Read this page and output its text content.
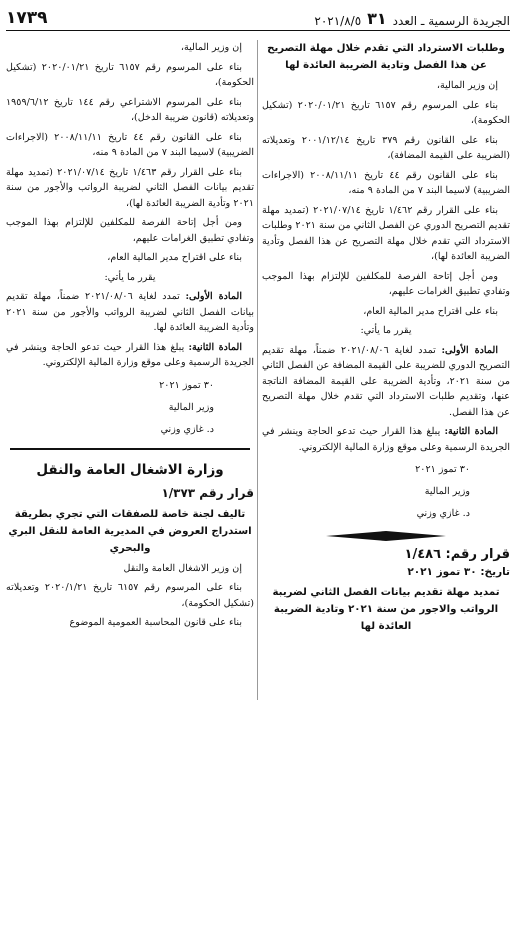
الجريدة الرسمية ـ العدد
٣١
٢٠٢١/٨/٥
١٧٣٩

وطلبات الاسترداد التي تقدم خلال مهلة التصريح عن هذا الفصل وتادية الضريبة العائدة لها

إن وزير المالية،

بناء على المرسوم رقم ٦١٥٧ تاريخ ٢٠٢٠/٠١/٢١ (تشكيل الحكومة)،

بناء على القانون رقم ٣٧٩ تاريخ ٢٠٠١/١٢/١٤ وتعديلاته (الضريبة على القيمة المضافة)،

بناء على القانون رقم ٤٤ تاريخ ٢٠٠٨/١١/١١ (الاجراءات الضريبية) لاسيما البند ٧ من المادة ٩ منه،

بناء على القرار رقم ١/٤٦٢ تاريخ ٢٠٢١/٠٧/١٤ (تمديد مهلة تقديم التصريح الدوري عن الفصل الثاني من سنة ٢٠٢١ وطلبات الاسترداد التي تقدم خلال مهلة التصريح عن هذا الفصل وتأدية الضريبة العائدة لها)،

ومن أجل إتاحة الفرصة للمكلفين للإلتزام بهذا الموجب وتفادي تطبيق الغرامات عليهم،

بناء على اقتراح مدير المالية العام،

يقرر ما يأتي:

المادة الأولى: تمدد لغاية ٢٠٢١/٠٨/٠٦ ضمناً، مهلة تقديم التصريح الدوري للضريبة على القيمة المضافة عن الفصل الثاني من سنة ٢٠٢١، وتأدية الضريبة على القيمة المضافة الناتجة عنها، وتقديم طلبات الاسترداد التي تقدم خلال مهلة التصريح عن هذا الفصل.

المادة الثانية: يبلغ هذا القرار حيث تدعو الحاجة وينشر في الجريدة الرسمية وعلى موقع وزارة المالية الإلكتروني.

٣٠ تموز ٢٠٢١
وزير المالية
د. غازي وزني
قرار رقم: ١/٤٨٦
تاريخ: ٣٠ تموز ٢٠٢١

تمديد مهلة تقديم بيانات الفصل الثاني لضريبة الرواتب والاجور من سنة ٢٠٢١ وتادية الضريبة العائدة لها

إن وزير المالية،

بناء على المرسوم رقم ٦١٥٧ تاريخ ٢٠٢٠/٠١/٢١ (تشكيل الحكومة)،

بناء على المرسوم الاشتراعي رقم ١٤٤ تاريخ ١٩٥٩/٦/١٢ وتعديلاته (قانون ضريبة الدخل)،

بناء على القانون رقم ٤٤ تاريخ ٢٠٠٨/١١/١١ (الاجراءات الضريبية) لاسيما البند ٧ من المادة ٩ منه،

بناء على القرار رقم ١/٤٦٣ تاريخ ٢٠٢١/٠٧/١٤ (تمديد مهلة تقديم بيانات الفصل الثاني لضريبة الرواتب والأجور من سنة ٢٠٢١ وتأدية الضريبة العائدة لها)،

ومن أجل إتاحة الفرصة للمكلفين للإلتزام بهذا الموجب وتفادي تطبيق الغرامات عليهم،

بناء على اقتراح مدير المالية العام،

يقرر ما يأتي:

المادة الأولى: تمدد لغاية ٢٠٢١/٠٨/٠٦ ضمناً، مهلة تقديم بيانات الفصل الثاني لضريبة الرواتب والأجور من سنة ٢٠٢١ وتأدية الضريبة العائدة لها.

المادة الثانية: يبلغ هذا القرار حيث تدعو الحاجة وينشر في الجريدة الرسمية وعلى موقع وزارة المالية الإلكتروني.

٣٠ تموز ٢٠٢١
وزير المالية
د. غازي وزني
وزارة الاشغال العامة والنقل
قرار رقم ١/٣٧٣

تاليف لجنة خاصة للصفقات التي تجري بطريقة استدراج العروض في المديرية العامة للنقل البري والبحري

إن وزير الاشغال العامة والنقل

بناء على المرسوم رقم ٦١٥٧ تاريخ ٢٠٢٠/١/٢١ وتعديلاته (تشكيل الحكومة)،

بناء على قانون المحاسبة العمومية الموضوع
